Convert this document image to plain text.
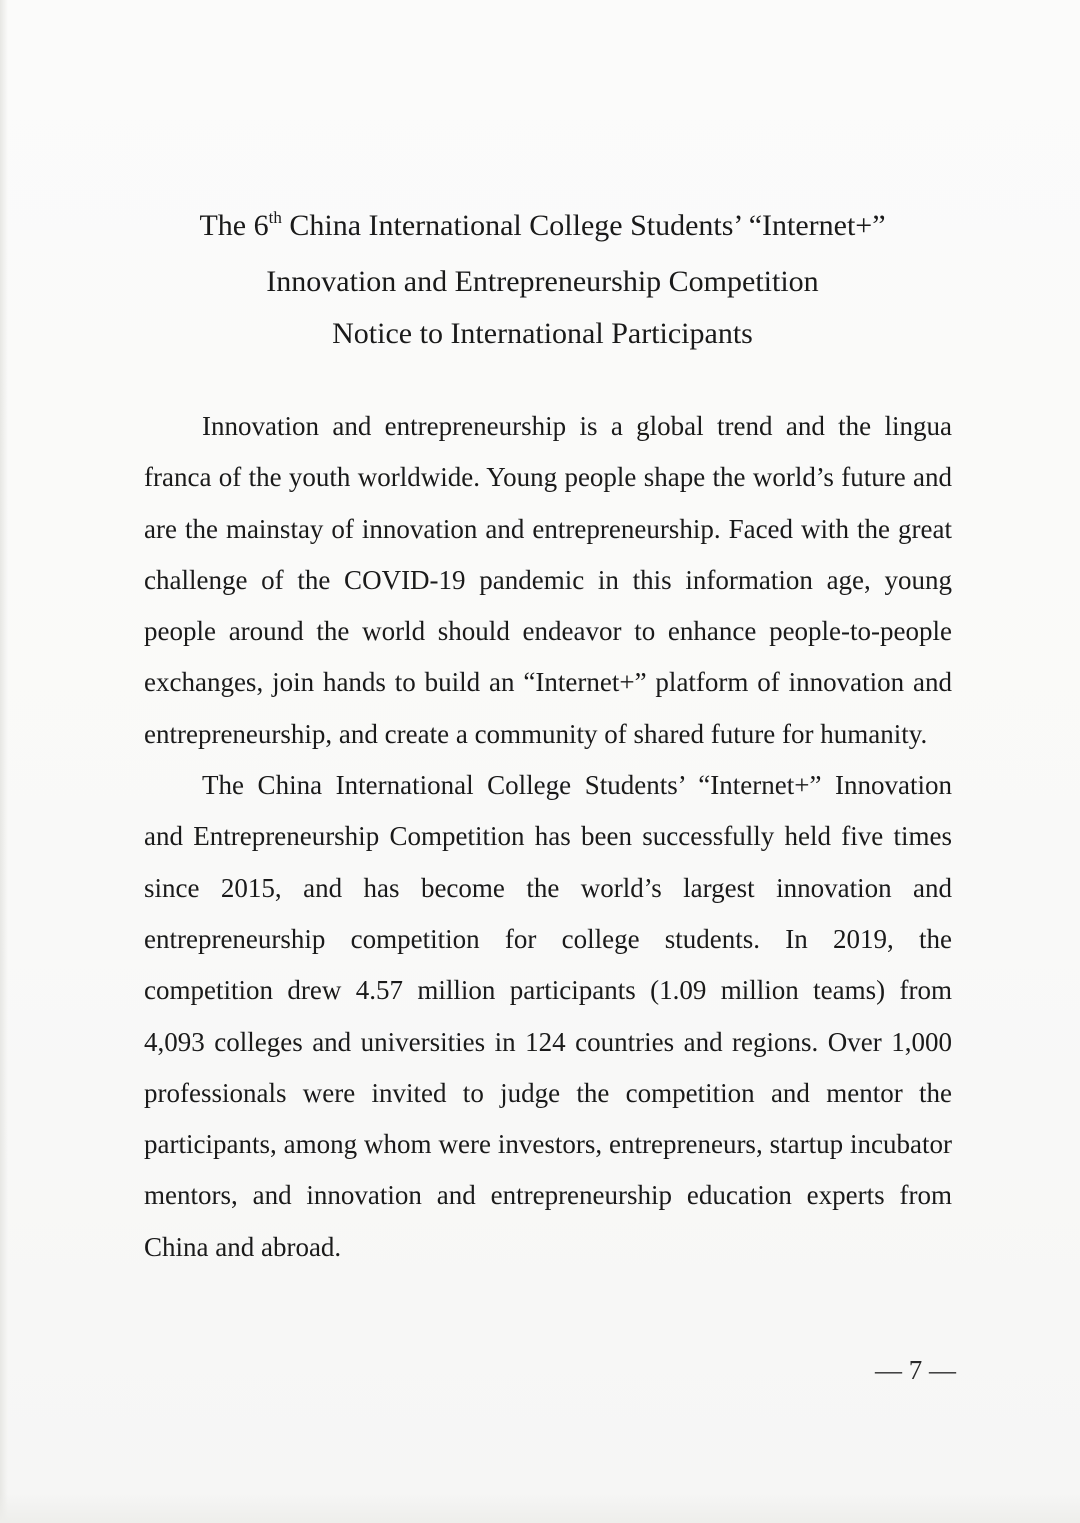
The 6th China International College Students’ “Internet+”
Innovation and Entrepreneurship Competition
Notice to International Participants

Innovation and entrepreneurship is a global trend and the lingua franca of the youth worldwide. Young people shape the world’s future and are the mainstay of innovation and entrepreneurship. Faced with the great challenge of the COVID-19 pandemic in this information age, young people around the world should endeavor to enhance people-to-people exchanges, join hands to build an “Internet+” platform of innovation and entrepreneurship, and create a community of shared future for humanity.

The China International College Students’ “Internet+” Innovation and Entrepreneurship Competition has been successfully held five times since 2015, and has become the world’s largest innovation and entrepreneurship competition for college students. In 2019, the competition drew 4.57 million participants (1.09 million teams) from 4,093 colleges and universities in 124 countries and regions. Over 1,000 professionals were invited to judge the competition and mentor the participants, among whom were investors, entrepreneurs, startup incubator mentors, and innovation and entrepreneurship education experts from China and abroad.

— 7 —
